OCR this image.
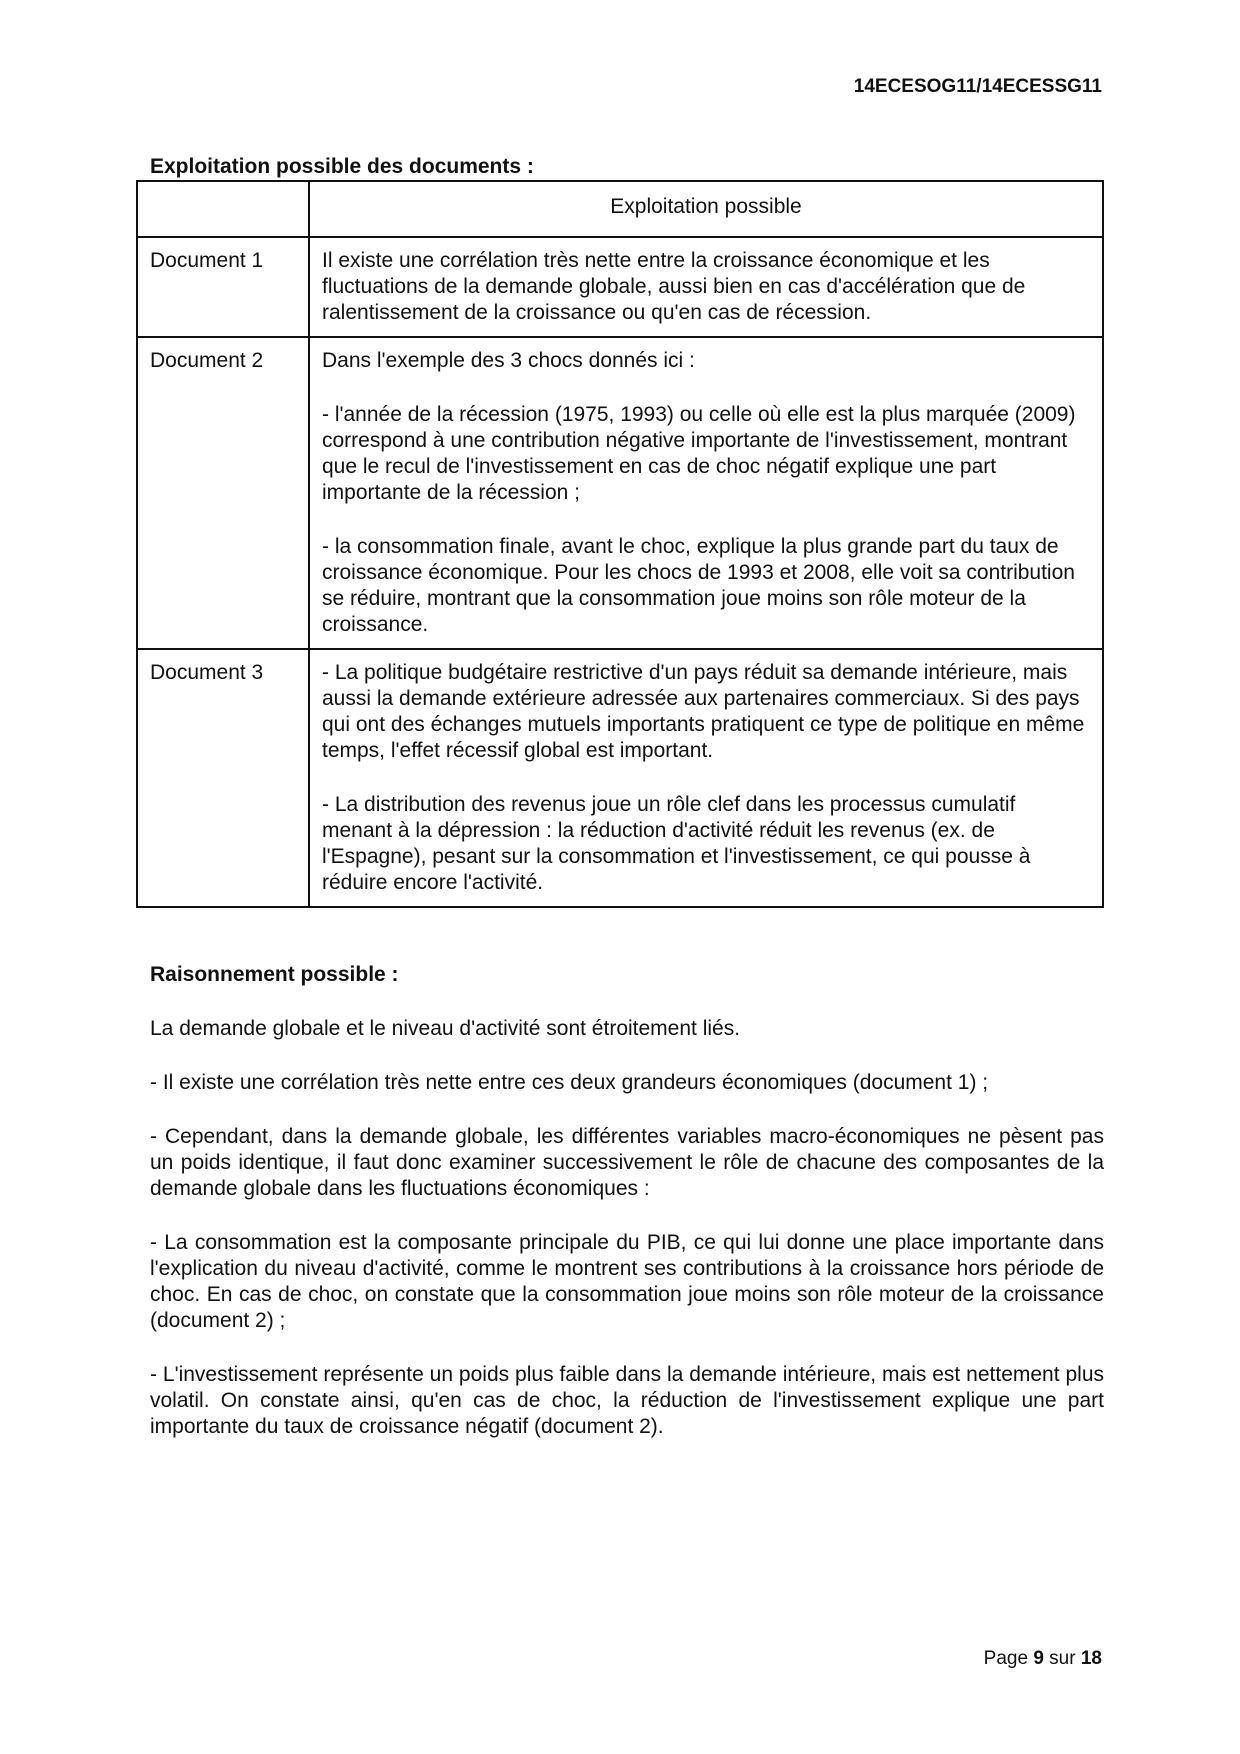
14ECESOG11/14ECESSG11
Exploitation possible des documents :
	Exploitation possible
Document 1	Il existe une corrélation très nette entre la croissance économique et les fluctuations de la demande globale, aussi bien en cas d'accélération que de ralentissement de la croissance ou qu'en cas de récession.

Document 2	Dans l'exemple des 3 chocs donnés ici :

- l'année de la récession (1975, 1993) ou celle où elle est la plus marquée (2009) correspond à une contribution négative importante de l'investissement, montrant que le recul de l'investissement en cas de choc négatif explique une part importante de la récession ;

- la consommation finale, avant le choc, explique la plus grande part du taux de croissance économique. Pour les chocs de 1993 et 2008, elle voit sa contribution se réduire, montrant que la consommation joue moins son rôle moteur de la croissance.

Document 3	- La politique budgétaire restrictive d'un pays réduit sa demande intérieure, mais aussi la demande extérieure adressée aux partenaires commerciaux. Si des pays qui ont des échanges mutuels importants pratiquent ce type de politique en même temps, l'effet récessif global est important.

- La distribution des revenus joue un rôle clef dans les processus cumulatif menant à la dépression : la réduction d'activité réduit les revenus (ex. de l'Espagne), pesant sur la consommation et l'investissement, ce qui pousse à réduire encore l'activité.

Raisonnement possible :

La demande globale et le niveau d'activité sont étroitement liés.

- Il existe une corrélation très nette entre ces deux grandeurs économiques (document 1) ;

- Cependant, dans la demande globale, les différentes variables macro-économiques ne pèsent pas un poids identique, il faut donc examiner successivement le rôle de chacune des composantes de la demande globale dans les fluctuations économiques :

- La consommation est la composante principale du PIB, ce qui lui donne une place importante dans l'explication du niveau d'activité, comme le montrent ses contributions à la croissance hors période de choc. En cas de choc, on constate que la consommation joue moins son rôle moteur de la croissance (document 2) ;

- L'investissement représente un poids plus faible dans la demande intérieure, mais est nettement plus volatil. On constate ainsi, qu'en cas de choc, la réduction de l'investissement explique une part importante du taux de croissance négatif (document 2).

Page 9 sur 18
